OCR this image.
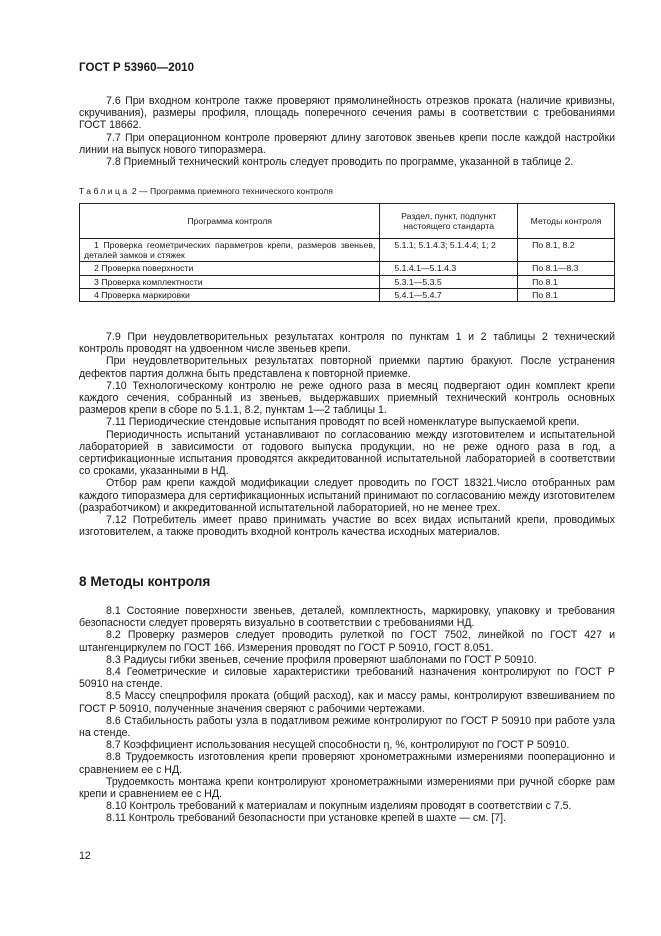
ГОСТ Р 53960—2010

7.6 При входном контроле также проверяют прямолинейность отрезков проката (наличие кривизны, скручивания), размеры профиля, площадь поперечного сечения рамы в соответствии с требованиями ГОСТ 18662.

7.7 При операционном контроле проверяют длину заготовок звеньев крепи после каждой настройки линии на выпуск нового типоразмера.

7.8 Приемный технический контроль следует проводить по программе, указанной в таблице 2.

Таблица 2 — Программа приемного технического контроля
Программа контроля	Раздел, пункт, подпункт настоящего стандарта	Методы контроля
1 Проверка геометрических параметров крепи, размеров звеньев, деталей замков и стяжек	5.1.1; 5.1.4.3; 5.1.4.4; 1; 2	По 8.1, 8.2
2 Проверка поверхности	5.1.4.1—5.1.4.3	По 8.1—8.3
3 Проверка комплектности	5.3.1—5.3.5	По 8.1
4 Проверка маркировки	5.4.1—5.4.7	По 8.1

7.9 При неудовлетворительных результатах контроля по пунктам 1 и 2 таблицы 2 технический контроль проводят на удвоенном числе звеньев крепи.

При неудовлетворительных результатах повторной приемки партию бракуют. После устранения дефектов партия должна быть представлена к повторной приемке.

7.10 Технологическому контролю не реже одного раза в месяц подвергают один комплект крепи каждого сечения, собранный из звеньев, выдержавших приемный технический контроль основных размеров крепи в сборе по 5.1.1, 8.2, пунктам 1—2 таблицы 1.

7.11 Периодические стендовые испытания проводят по всей номенклатуре выпускаемой крепи.

Периодичность испытаний устанавливают по согласованию между изготовителем и испытательной лабораторией в зависимости от годового выпуска продукции, но не реже одного раза в год, а сертификационные испытания проводятся аккредитованной испытательной лабораторией в соответствии со сроками, указанными в НД.

Отбор рам крепи каждой модификации следует проводить по ГОСТ 18321.Число отобранных рам каждого типоразмера для сертификационных испытаний принимают по согласованию между изготовителем (разработчиком) и аккредитованной испытательной лабораторией, но не менее трех.

7.12 Потребитель имеет право принимать участие во всех видах испытаний крепи, проводимых изготовителем, а также проводить входной контроль качества исходных материалов.

8 Методы контроля

8.1 Состояние поверхности звеньев, деталей, комплектность, маркировку, упаковку и требования безопасности следует проверять визуально в соответствии с требованиями НД.

8.2 Проверку размеров следует проводить рулеткой по ГОСТ 7502, линейкой по ГОСТ 427 и штангенциркулем по ГОСТ 166. Измерения проводят по ГОСТ Р 50910, ГОСТ 8.051.

8.3 Радиусы гибки звеньев, сечение профиля проверяют шаблонами по ГОСТ Р 50910.

8.4 Геометрические и силовые характеристики требований назначения контролируют по ГОСТ Р 50910 на стенде.

8.5 Массу спецпрофиля проката (общий расход), как и массу рамы, контролируют взвешиванием по ГОСТ Р 50910, полученные значения сверяют с рабочими чертежами.

8.6 Стабильность работы узла в податливом режиме контролируют по ГОСТ Р 50910 при работе узла на стенде.

8.7 Коэффициент использования несущей способности η, %, контролируют по ГОСТ Р 50910.

8.8 Трудоемкость изготовления крепи проверяют хронометражными измерениями пооперационно и сравнением ее с НД.

Трудоемкость монтажа крепи контролируют хронометражными измерениями при ручной сборке рам крепи и сравнением ее с НД.

8.10 Контроль требований к материалам и покупным изделиям проводят в соответствии с 7.5.

8.11 Контроль требований безопасности при установке крепей в шахте — см. [7].

12
